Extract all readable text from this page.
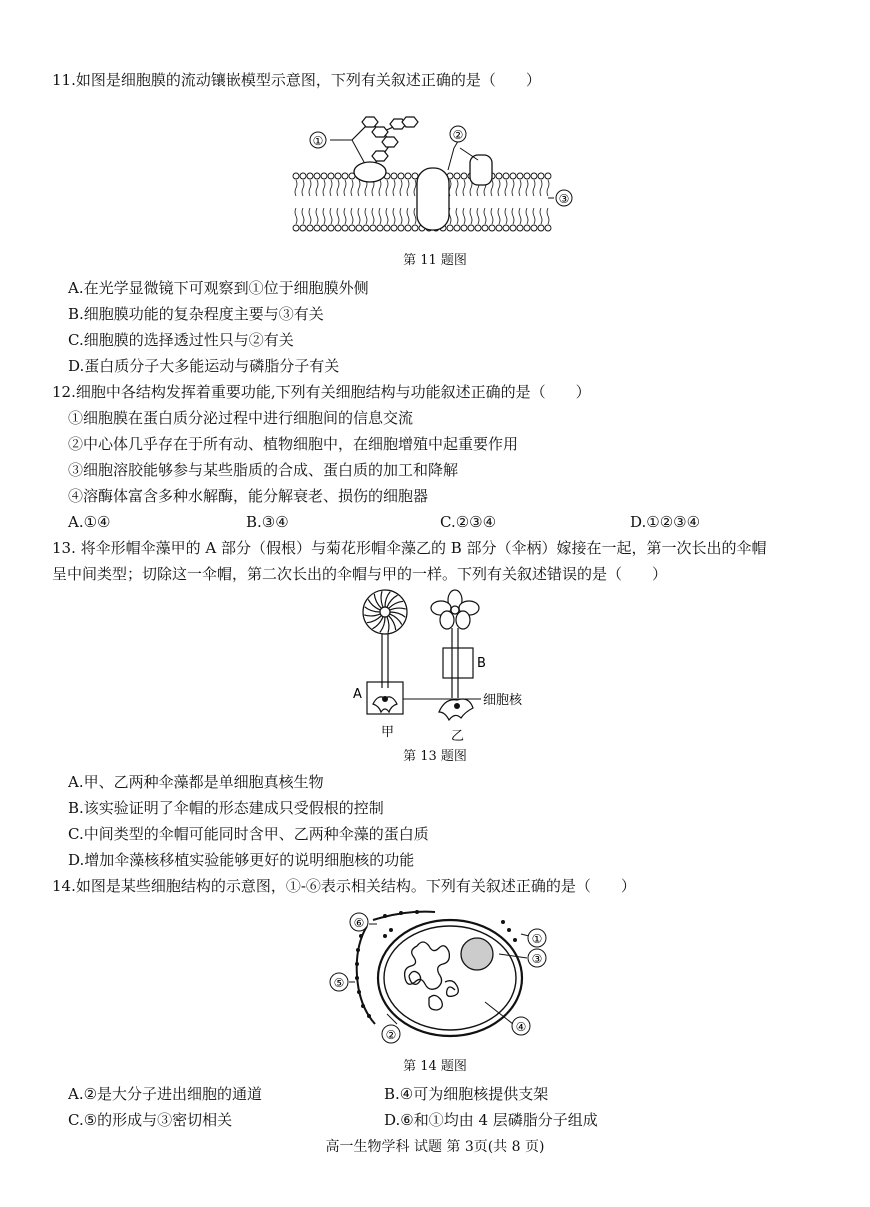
11.如图是细胞膜的流动镶嵌模型示意图，下列有关叙述正确的是（　　）
①	②
③
第 11 题图
A.在光学显微镜下可观察到①位于细胞膜外侧
B.细胞膜功能的复杂程度主要与③有关
C.细胞膜的选择透过性只与②有关
D.蛋白质分子大多能运动与磷脂分子有关
12.细胞中各结构发挥着重要功能,下列有关细胞结构与功能叙述正确的是（　　）
①细胞膜在蛋白质分泌过程中进行细胞间的信息交流
②中心体几乎存在于所有动、植物细胞中，在细胞增殖中起重要作用
③细胞溶胶能够参与某些脂质的合成、蛋白质的加工和降解
④溶酶体富含多种水解酶，能分解衰老、损伤的细胞器
A.①④	B.③④	C.②③④	D.①②③④
13. 将伞形帽伞藻甲的 A 部分（假根）与菊花形帽伞藻乙的 B 部分（伞柄）嫁接在一起，第一次长出的伞帽
呈中间类型；切除这一伞帽，第二次长出的伞帽与甲的一样。下列有关叙述错误的是（　　）
A
甲
B
细胞核
乙
第 13 题图
A.甲、乙两种伞藻都是单细胞真核生物
B.该实验证明了伞帽的形态建成只受假根的控制
C.中间类型的伞帽可能同时含甲、乙两种伞藻的蛋白质
D.增加伞藻核移植实验能够更好的说明细胞核的功能
14.如图是某些细胞结构的示意图，①-⑥表示相关结构。下列有关叙述正确的是（　　）
⑥
①
③
④
⑤
②
第 14 题图
A.②是大分子进出细胞的通道	B.④可为细胞核提供支架
C.⑤的形成与③密切相关	D.⑥和①均由 4 层磷脂分子组成
高一生物学科 试题 第 3页(共 8 页)
